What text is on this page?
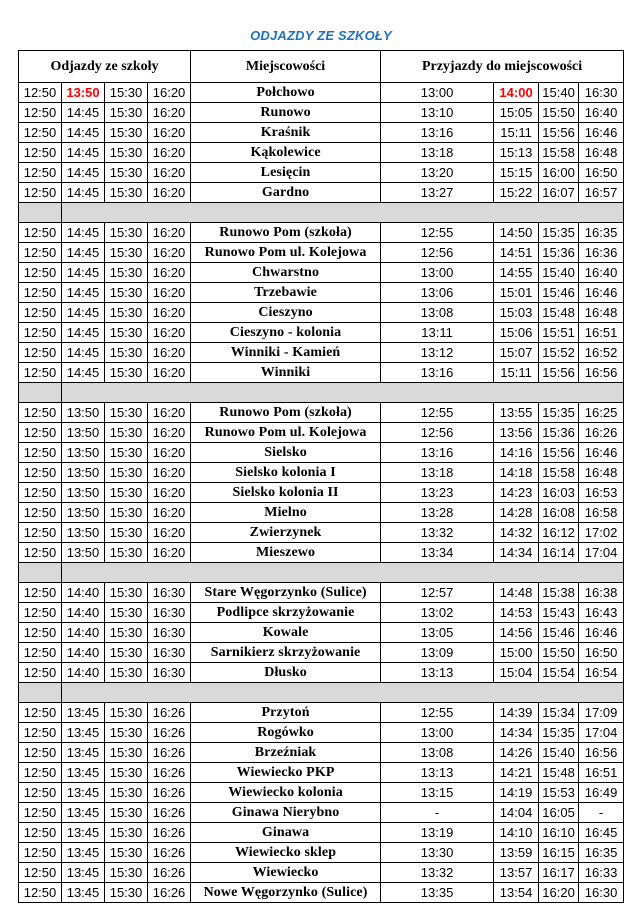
ODJAZDY ZE SZKOŁY
Odjazdy ze szkoły				Miejscowości	Przyjazdy do miejscowości			
12:50	13:50	15:30	16:20	Połchowo	13:00	14:00	15:40	16:30
12:50	14:45	15:30	16:20	Runowo	13:10	15:05	15:50	16:40
12:50	14:45	15:30	16:20	Kraśnik	13:16	15:11	15:56	16:46
12:50	14:45	15:30	16:20	Kąkolewice	13:18	15:13	15:58	16:48
12:50	14:45	15:30	16:20	Lesięcin	13:20	15:15	16:00	16:50
12:50	14:45	15:30	16:20	Gardno	13:27	15:22	16:07	16:57

12:50	14:45	15:30	16:20	Runowo Pom (szkoła)	12:55	14:50	15:35	16:35
12:50	14:45	15:30	16:20	Runowo Pom ul. Kolejowa	12:56	14:51	15:36	16:36
12:50	14:45	15:30	16:20	Chwarstno	13:00	14:55	15:40	16:40
12:50	14:45	15:30	16:20	Trzebawie	13:06	15:01	15:46	16:46
12:50	14:45	15:30	16:20	Cieszyno	13:08	15:03	15:48	16:48
12:50	14:45	15:30	16:20	Cieszyno - kolonia	13:11	15:06	15:51	16:51
12:50	14:45	15:30	16:20	Winniki - Kamień	13:12	15:07	15:52	16:52
12:50	14:45	15:30	16:20	Winniki	13:16	15:11	15:56	16:56

12:50	13:50	15:30	16:20	Runowo Pom (szkoła)	12:55	13:55	15:35	16:25
12:50	13:50	15:30	16:20	Runowo Pom ul. Kolejowa	12:56	13:56	15:36	16:26
12:50	13:50	15:30	16:20	Sielsko	13:16	14:16	15:56	16:46
12:50	13:50	15:30	16:20	Sielsko kolonia I	13:18	14:18	15:58	16:48
12:50	13:50	15:30	16:20	Sielsko kolonia II	13:23	14:23	16:03	16:53
12:50	13:50	15:30	16:20	Mielno	13:28	14:28	16:08	16:58
12:50	13:50	15:30	16:20	Zwierzynek	13:32	14:32	16:12	17:02
12:50	13:50	15:30	16:20	Mieszewo	13:34	14:34	16:14	17:04

12:50	14:40	15:30	16:30	Stare Węgorzynko (Sulice)	12:57	14:48	15:38	16:38
12:50	14:40	15:30	16:30	Podlipce skrzyżowanie	13:02	14:53	15:43	16:43
12:50	14:40	15:30	16:30	Kowale	13:05	14:56	15:46	16:46
12:50	14:40	15:30	16:30	Sarnikierz skrzyżowanie	13:09	15:00	15:50	16:50
12:50	14:40	15:30	16:30	Dłusko	13:13	15:04	15:54	16:54

12:50	13:45	15:30	16:26	Przytoń	12:55	14:39	15:34	17:09
12:50	13:45	15:30	16:26	Rogówko	13:00	14:34	15:35	17:04
12:50	13:45	15:30	16:26	Brzeźniak	13:08	14:26	15:40	16:56
12:50	13:45	15:30	16:26	Wiewiecko PKP	13:13	14:21	15:48	16:51
12:50	13:45	15:30	16:26	Wiewiecko kolonia	13:15	14:19	15:53	16:49
12:50	13:45	15:30	16:26	Ginawa Nierybno	-	14:04	16:05	-
12:50	13:45	15:30	16:26	Ginawa	13:19	14:10	16:10	16:45
12:50	13:45	15:30	16:26	Wiewiecko sklep	13:30	13:59	16:15	16:35
12:50	13:45	15:30	16:26	Wiewiecko	13:32	13:57	16:17	16:33
12:50	13:45	15:30	16:26	Nowe Węgorzynko (Sulice)	13:35	13:54	16:20	16:30
